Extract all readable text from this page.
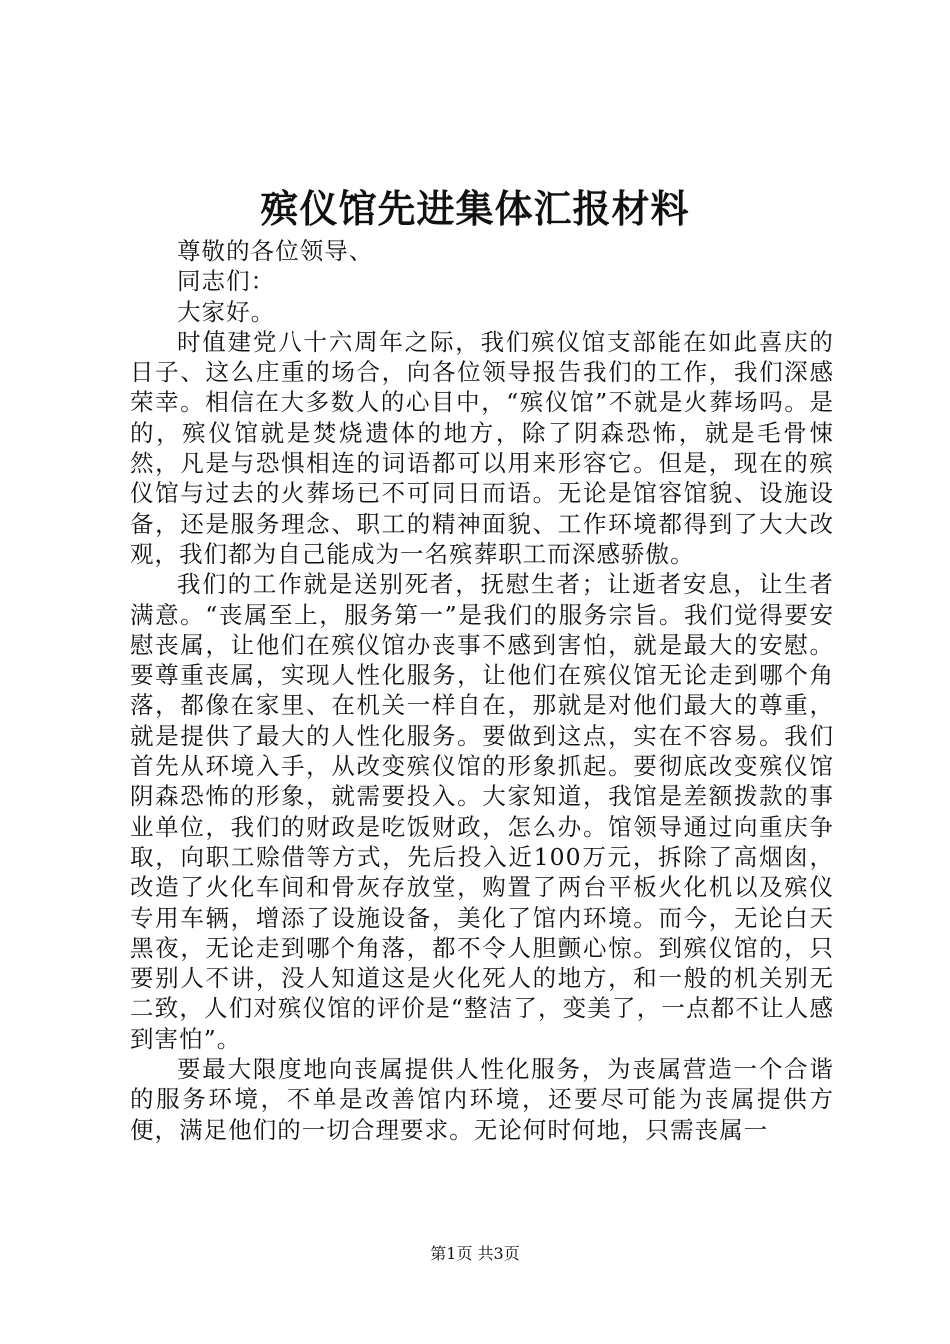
殡仪馆先进集体汇报材料

尊敬的各位领导、

同志们：

大家好。

时值建党八十六周年之际，我们殡仪馆支部能在如此喜庆的日子、这么庄重的场合，向各位领导报告我们的工作，我们深感荣幸。相信在大多数人的心目中，“殡仪馆”不就是火葬场吗。是的，殡仪馆就是焚烧遗体的地方，除了阴森恐怖，就是毛骨悚然，凡是与恐惧相连的词语都可以用来形容它。但是，现在的殡仪馆与过去的火葬场已不可同日而语。无论是馆容馆貌、设施设备，还是服务理念、职工的精神面貌、工作环境都得到了大大改观，我们都为自己能成为一名殡葬职工而深感骄傲。

我们的工作就是送别死者，抚慰生者；让逝者安息，让生者满意。“丧属至上，服务第一”是我们的服务宗旨。我们觉得要安慰丧属，让他们在殡仪馆办丧事不感到害怕，就是最大的安慰。要尊重丧属，实现人性化服务，让他们在殡仪馆无论走到哪个角落，都像在家里、在机关一样自在，那就是对他们最大的尊重，就是提供了最大的人性化服务。要做到这点，实在不容易。我们首先从环境入手，从改变殡仪馆的形象抓起。要彻底改变殡仪馆阴森恐怖的形象，就需要投入。大家知道，我馆是差额拨款的事业单位，我们的财政是吃饭财政，怎么办。馆领导通过向重庆争取，向职工赊借等方式，先后投入近100万元，拆除了高烟囱，改造了火化车间和骨灰存放堂，购置了两台平板火化机以及殡仪专用车辆，增添了设施设备，美化了馆内环境。而今，无论白天黑夜，无论走到哪个角落，都不令人胆颤心惊。到殡仪馆的，只要别人不讲，没人知道这是火化死人的地方，和一般的机关别无二致，人们对殡仪馆的评价是“整洁了，变美了，一点都不让人感到害怕”。

要最大限度地向丧属提供人性化服务，为丧属营造一个合谐的服务环境，不单是改善馆内环境，还要尽可能为丧属提供方便，满足他们的一切合理要求。无论何时何地，只需丧属一

第1页 共3页
